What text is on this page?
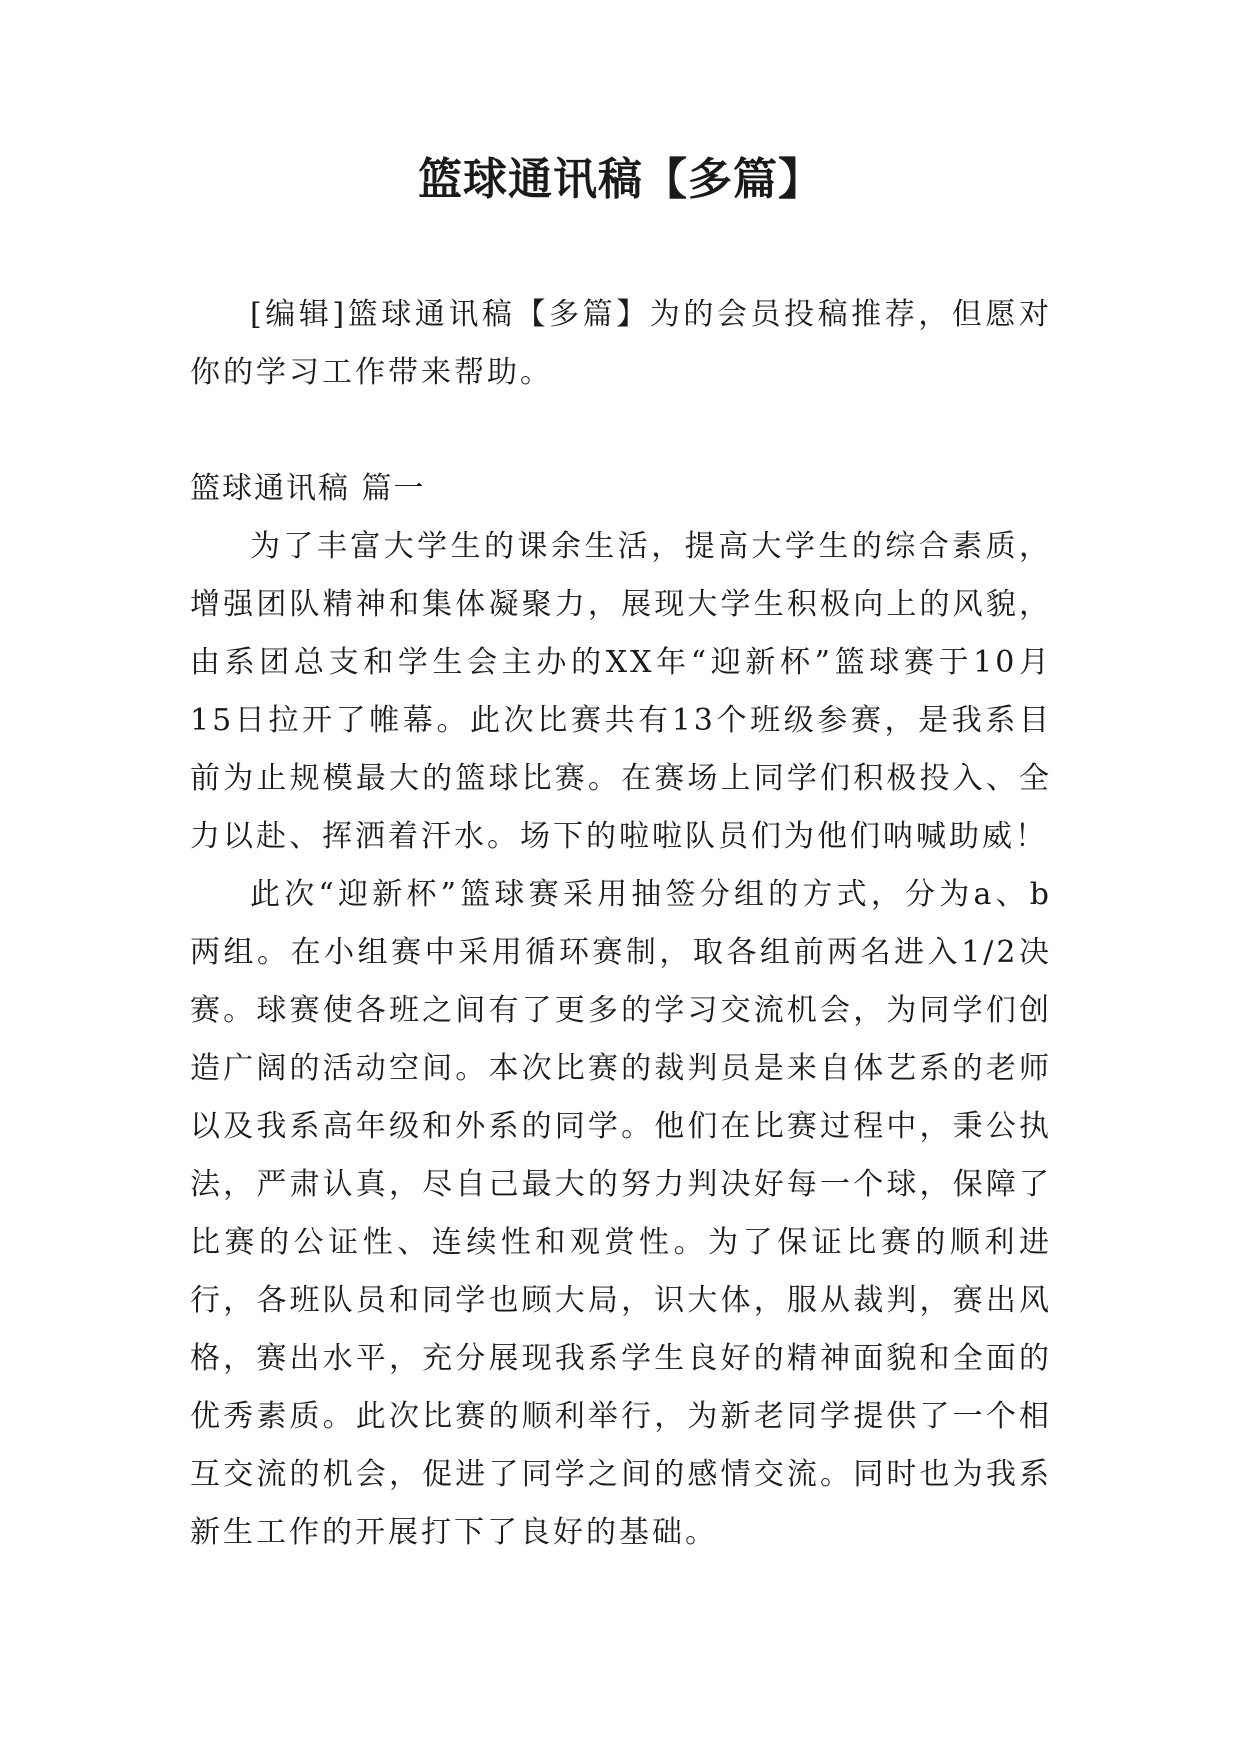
篮球通讯稿【多篇】

[编辑]篮球通讯稿【多篇】为的会员投稿推荐，但愿对你的学习工作带来帮助。

篮球通讯稿 篇一

为了丰富大学生的课余生活，提高大学生的综合素质，增强团队精神和集体凝聚力，展现大学生积极向上的风貌，由系团总支和学生会主办的XX年“迎新杯”篮球赛于10月15日拉开了帷幕。此次比赛共有13个班级参赛，是我系目前为止规模最大的篮球比赛。在赛场上同学们积极投入、全力以赴、挥洒着汗水。场下的啦啦队员们为他们呐喊助威！

此次“迎新杯”篮球赛采用抽签分组的方式，分为a、b两组。在小组赛中采用循环赛制，取各组前两名进入1/2决赛。球赛使各班之间有了更多的学习交流机会，为同学们创造广阔的活动空间。本次比赛的裁判员是来自体艺系的老师以及我系高年级和外系的同学。他们在比赛过程中，秉公执法，严肃认真，尽自己最大的努力判决好每一个球，保障了比赛的公证性、连续性和观赏性。为了保证比赛的顺利进行，各班队员和同学也顾大局，识大体，服从裁判，赛出风格，赛出水平，充分展现我系学生良好的精神面貌和全面的优秀素质。此次比赛的顺利举行，为新老同学提供了一个相互交流的机会，促进了同学之间的感情交流。同时也为我系新生工作的开展打下了良好的基础。
